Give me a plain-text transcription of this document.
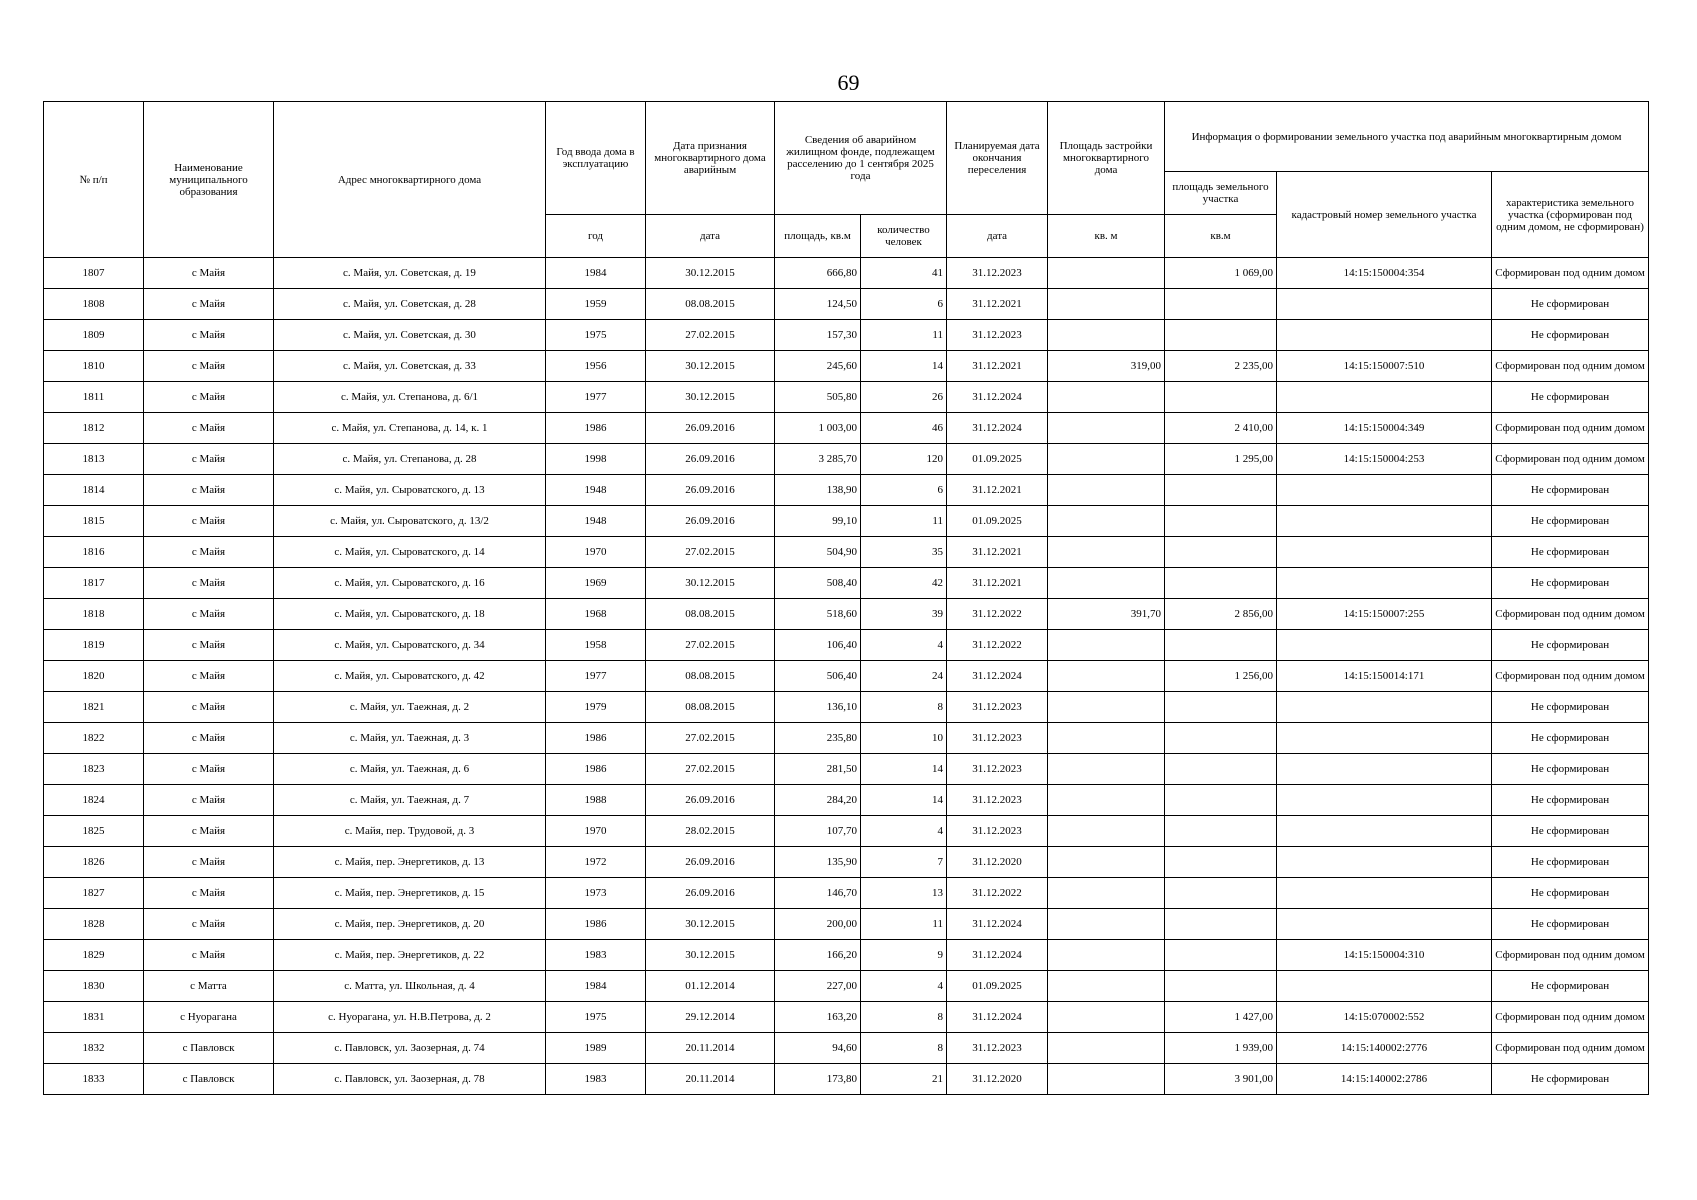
69
№ п/п	Наименование муниципального образования	Адрес многоквартирного дома	Год ввода дома в эксплуатацию	Дата признания многоквартирного дома аварийным	Сведения об аварийном жилищном фонде, подлежащем расселению до 1 сентября 2025 года		Планируемая дата окончания переселения	Площадь застройки многоквартирного дома	Информация о формировании земельного участка под аварийным многоквартирным домом		
									площадь земельного участка	кадастровый номер земельного участка	характеристика земельного участка (сформирован под одним домом, не сформирован)
			год	дата	площадь, кв.м	количество человек	дата	кв. м	кв.м		
1807	с Майя	с. Майя, ул. Советская, д. 19	1984	30.12.2015	666,80	41	31.12.2023		1 069,00	14:15:150004:354	Сформирован под одним домом
1808	с Майя	с. Майя, ул. Советская, д. 28	1959	08.08.2015	124,50	6	31.12.2021				Не сформирован
1809	с Майя	с. Майя, ул. Советская, д. 30	1975	27.02.2015	157,30	11	31.12.2023				Не сформирован
1810	с Майя	с. Майя, ул. Советская, д. 33	1956	30.12.2015	245,60	14	31.12.2021	319,00	2 235,00	14:15:150007:510	Сформирован под одним домом
1811	с Майя	с. Майя, ул. Степанова, д. 6/1	1977	30.12.2015	505,80	26	31.12.2024				Не сформирован
1812	с Майя	с. Майя, ул. Степанова, д. 14, к. 1	1986	26.09.2016	1 003,00	46	31.12.2024		2 410,00	14:15:150004:349	Сформирован под одним домом
1813	с Майя	с. Майя, ул. Степанова, д. 28	1998	26.09.2016	3 285,70	120	01.09.2025		1 295,00	14:15:150004:253	Сформирован под одним домом
1814	с Майя	с. Майя, ул. Сыроватского, д. 13	1948	26.09.2016	138,90	6	31.12.2021				Не сформирован
1815	с Майя	с. Майя, ул. Сыроватского, д. 13/2	1948	26.09.2016	99,10	11	01.09.2025				Не сформирован
1816	с Майя	с. Майя, ул. Сыроватского, д. 14	1970	27.02.2015	504,90	35	31.12.2021				Не сформирован
1817	с Майя	с. Майя, ул. Сыроватского, д. 16	1969	30.12.2015	508,40	42	31.12.2021				Не сформирован
1818	с Майя	с. Майя, ул. Сыроватского, д. 18	1968	08.08.2015	518,60	39	31.12.2022	391,70	2 856,00	14:15:150007:255	Сформирован под одним домом
1819	с Майя	с. Майя, ул. Сыроватского, д. 34	1958	27.02.2015	106,40	4	31.12.2022				Не сформирован
1820	с Майя	с. Майя, ул. Сыроватского, д. 42	1977	08.08.2015	506,40	24	31.12.2024		1 256,00	14:15:150014:171	Сформирован под одним домом
1821	с Майя	с. Майя, ул. Таежная, д. 2	1979	08.08.2015	136,10	8	31.12.2023				Не сформирован
1822	с Майя	с. Майя, ул. Таежная, д. 3	1986	27.02.2015	235,80	10	31.12.2023				Не сформирован
1823	с Майя	с. Майя, ул. Таежная, д. 6	1986	27.02.2015	281,50	14	31.12.2023				Не сформирован
1824	с Майя	с. Майя, ул. Таежная, д. 7	1988	26.09.2016	284,20	14	31.12.2023				Не сформирован
1825	с Майя	с. Майя, пер. Трудовой, д. 3	1970	28.02.2015	107,70	4	31.12.2023				Не сформирован
1826	с Майя	с. Майя, пер. Энергетиков, д. 13	1972	26.09.2016	135,90	7	31.12.2020				Не сформирован
1827	с Майя	с. Майя, пер. Энергетиков, д. 15	1973	26.09.2016	146,70	13	31.12.2022				Не сформирован
1828	с Майя	с. Майя, пер. Энергетиков, д. 20	1986	30.12.2015	200,00	11	31.12.2024				Не сформирован
1829	с Майя	с. Майя, пер. Энергетиков, д. 22	1983	30.12.2015	166,20	9	31.12.2024			14:15:150004:310	Сформирован под одним домом
1830	с Матта	с. Матта, ул. Школьная, д. 4	1984	01.12.2014	227,00	4	01.09.2025				Не сформирован
1831	с Нуорагана	с. Нуорагана, ул. Н.В.Петрова, д. 2	1975	29.12.2014	163,20	8	31.12.2024		1 427,00	14:15:070002:552	Сформирован под одним домом
1832	с Павловск	с. Павловск, ул. Заозерная, д. 74	1989	20.11.2014	94,60	8	31.12.2023		1 939,00	14:15:140002:2776	Сформирован под одним домом
1833	с Павловск	с. Павловск, ул. Заозерная, д. 78	1983	20.11.2014	173,80	21	31.12.2020		3 901,00	14:15:140002:2786	Не сформирован
